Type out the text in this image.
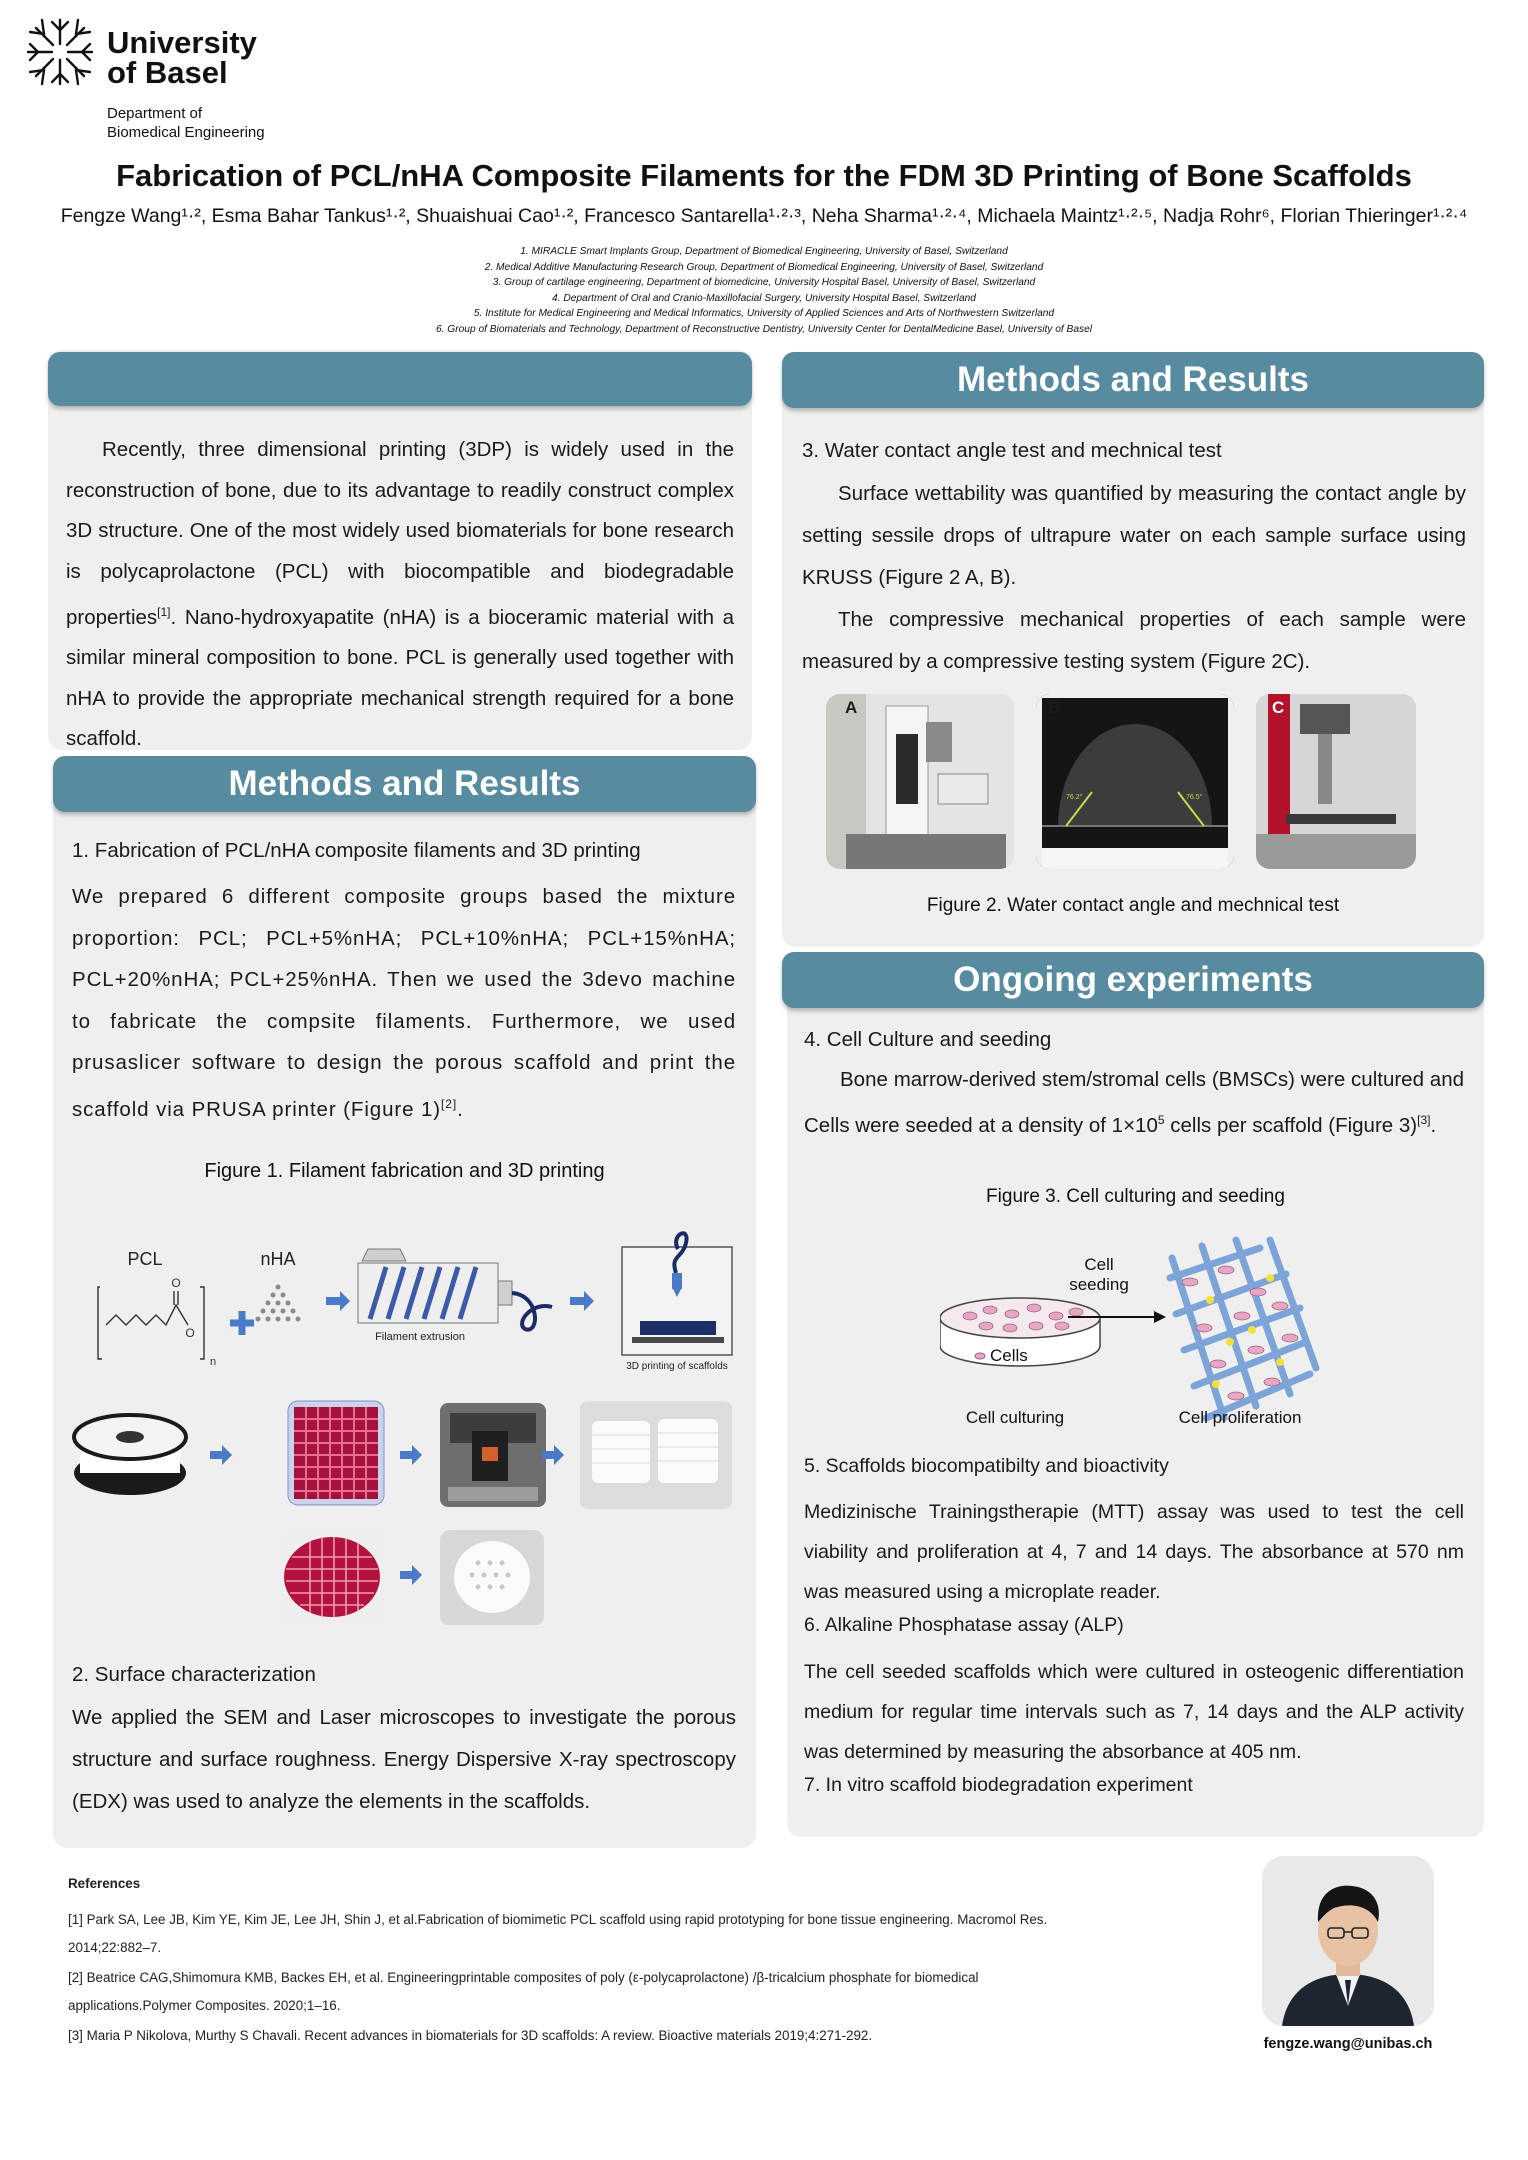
University
of Basel
Department of
Biomedical Engineering
Fabrication of PCL/nHA Composite Filaments for the FDM 3D Printing of Bone Scaffolds
Fengze Wang¹·², Esma Bahar Tankus¹·², Shuaishuai Cao¹·², Francesco Santarella¹·²·³, Neha Sharma¹·²·⁴, Michaela Maintz¹·²·⁵, Nadja Rohr⁶, Florian Thieringer¹·²·⁴
1. MIRACLE Smart Implants Group, Department of Biomedical Engineering, University of Basel, Switzerland
2. Medical Additive Manufacturing Research Group, Department of Biomedical Engineering, University of Basel, Switzerland
3. Group of cartilage engineering, Department of biomedicine, University Hospital Basel, University of Basel, Switzerland
4. Department of Oral and Cranio-Maxillofacial Surgery, University Hospital Basel, Switzerland
5. Institute for Medical Engineering and Medical Informatics, University of Applied Sciences and Arts of Northwestern Switzerland
6. Group of Biomaterials and Technology, Department of Reconstructive Dentistry, University Center for DentalMedicine Basel, University of Basel
Recently, three dimensional printing (3DP) is widely used in the reconstruction of bone, due to its advantage to readily construct complex 3D structure. One of the most widely used biomaterials for bone research is polycaprolactone (PCL) with biocompatible and biodegradable properties[1]. Nano-hydroxyapatite (nHA) is a bioceramic material with a similar mineral composition to bone. PCL is generally used together with nHA to provide the appropriate mechanical strength required for a bone scaffold.
Methods and Results
1. Fabrication of PCL/nHA composite filaments and 3D printing
We prepared 6 different composite groups based the mixture proportion: PCL; PCL+5%nHA; PCL+10%nHA; PCL+15%nHA; PCL+20%nHA; PCL+25%nHA. Then we used the 3devo machine to fabricate the compsite filaments. Furthermore, we used prusaslicer software to design the porous scaffold and print the scaffold via PRUSA printer (Figure 1)[2].
Figure 1. Filament fabrication and 3D printing
PCL
O
O
n
nHA
Filament extrusion
3D printing of scaffolds
2. Surface characterization
We applied the SEM and Laser microscopes to investigate the porous structure and surface roughness. Energy Dispersive X-ray spectroscopy (EDX) was used to analyze the elements in the scaffolds.
Methods and Results
3. Water contact angle test and mechnical test
Surface wettability was quantified by measuring the contact angle by setting sessile drops of ultrapure water on each sample surface using KRUSS (Figure 2 A, B).
The compressive mechanical properties of each sample were measured by a compressive testing system (Figure 2C).
A	B
76.2°	76.5°
C
Figure 2. Water contact angle and mechnical test
Ongoing experiments
4. Cell Culture and seeding
Bone marrow-derived stem/stromal cells (BMSCs) were cultured and Cells were seeded at a density of $1\times 10^5$ cells per scaffold (Figure 3)[3].
Figure 3. Cell culturing and seeding
Cells
Cell
seeding
Cell culturing	Cell proliferation
5. Scaffolds biocompatibilty and bioactivity
Medizinische Trainingstherapie (MTT) assay was used to test the cell viability and proliferation at 4, 7 and 14 days. The absorbance at 570 nm was measured using a microplate reader.
6. Alkaline Phosphatase assay (ALP)
The cell seeded scaffolds which were cultured in osteogenic differentiation medium for regular time intervals such as 7, 14 days and the ALP activity was determined by measuring the absorbance at 405 nm.
7. In vitro scaffold biodegradation experiment
References
[1] Park SA, Lee JB, Kim YE, Kim JE, Lee JH, Shin J, et al.Fabrication of biomimetic PCL scaffold using rapid prototyping for bone tissue engineering. Macromol Res. 2014;22:882–7.
[2] Beatrice CAG,Shimomura KMB, Backes EH, et al. Engineeringprintable composites of poly (ε-polycaprolactone) /β-tricalcium phosphate for biomedical applications.Polymer Composites. 2020;1–16.
[3] Maria P Nikolova, Murthy S Chavali. Recent advances in biomaterials for 3D scaffolds: A review. Bioactive materials 2019;4:271-292.
fengze.wang@unibas.ch
